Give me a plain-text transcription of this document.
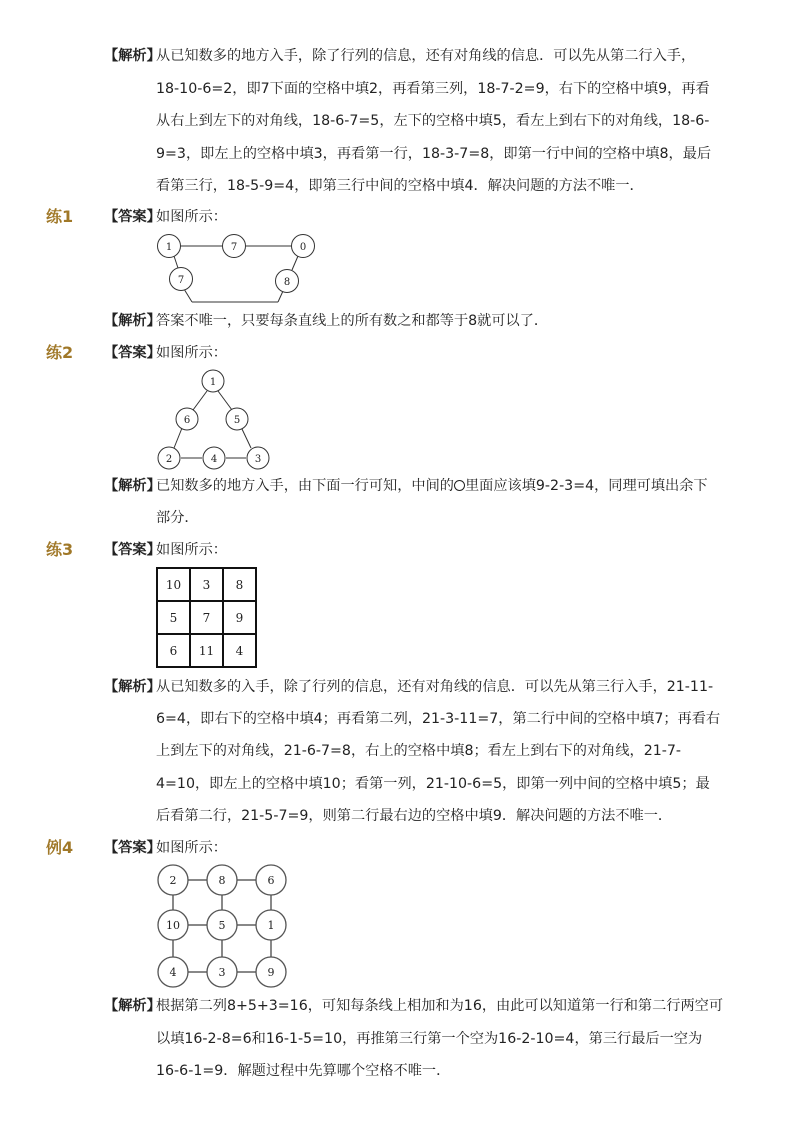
【解析】
从已知数多的地方入手，除了行列的信息，还有对角线的信息．可以先从第二行入手，
18-10-6=2，即7下面的空格中填2，再看第三列，18-7-2=9，右下的空格中填9，再看
从右上到左下的对角线，18-6-7=5，左下的空格中填5，看左上到右下的对角线，18-6-
9=3，即左上的空格中填3，再看第一行，18-3-7=8，即第一行中间的空格中填8，最后
看第三行，18-5-9=4，即第三行中间的空格中填4．解决问题的方法不唯一．
练1 【答案】
如图所示：
1	7	0
7	8
【解析】
答案不唯一，只要每条直线上的所有数之和都等于8就可以了．
练2 【答案】
如图所示：
1
6	5
2	4	3
【解析】
已知数多的地方入手，由下面一行可知，中间的 里面应该填9-2-3=4，同理可填出余下
部分．
练3 【答案】
如图所示：
10	3	8
5	7	9
6	11	4
【解析】
从已知数多的入手，除了行列的信息，还有对角线的信息．可以先从第三行入手，21-11-
6=4，即右下的空格中填4；再看第二列，21-3-11=7，第二行中间的空格中填7；再看右
上到左下的对角线，21-6-7=8，右上的空格中填8；看左上到右下的对角线，21-7-
4=10，即左上的空格中填10；看第一列，21-10-6=5，即第一列中间的空格中填5；最
后看第二行，21-5-7=9，则第二行最右边的空格中填9．解决问题的方法不唯一．
例4 【答案】
如图所示：
2	8	6
10	5	1
4	3	9
【解析】
根据第二列8+5+3=16，可知每条线上相加和为16，由此可以知道第一行和第二行两空可
以填16-2-8=6和16-1-5=10，再推第三行第一个空为16-2-10=4，第三行最后一空为
16-6-1=9．解题过程中先算哪个空格不唯一．
